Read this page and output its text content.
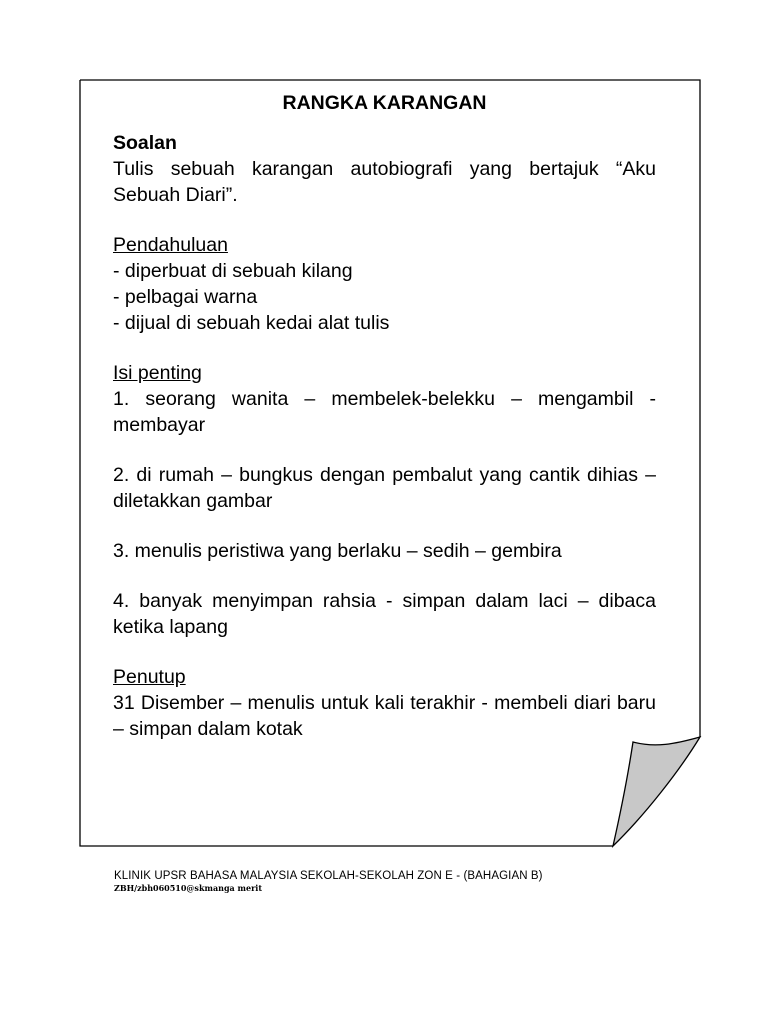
RANGKA KARANGAN
Soalan
Tulis sebuah karangan autobiografi yang bertajuk “Aku Sebuah Diari”.
Pendahuluan
- diperbuat di sebuah kilang
- pelbagai warna
- dijual di sebuah kedai alat tulis
Isi penting
1. seorang wanita – membelek-belekku – mengambil - membayar
2. di rumah – bungkus dengan pembalut yang cantik dihias – diletakkan gambar
3. menulis peristiwa yang berlaku – sedih – gembira
4. banyak menyimpan rahsia - simpan dalam laci – dibaca ketika lapang
Penutup
31 Disember – menulis untuk kali terakhir - membeli diari baru – simpan dalam kotak
KLINIK UPSR BAHASA MALAYSIA SEKOLAH-SEKOLAH ZON E - (BAHAGIAN B)
ZBH/zbh060510@skmanga merit
